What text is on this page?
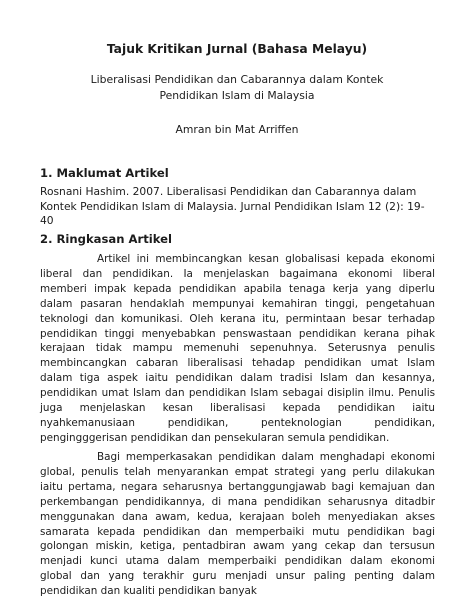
Tajuk Kritikan Jurnal (Bahasa Melayu)
Liberalisasi Pendidikan dan Cabarannya dalam Kontek Pendidikan Islam di Malaysia
Amran bin Mat Arriffen
1. Maklumat Artikel
Rosnani Hashim. 2007. Liberalisasi Pendidikan dan Cabarannya dalam Kontek Pendidikan Islam di Malaysia. Jurnal Pendidikan Islam 12 (2): 19-40
2. Ringkasan Artikel

Artikel ini membincangkan kesan globalisasi kepada ekonomi liberal dan pendidikan. Ia menjelaskan bagaimana ekonomi liberal memberi impak kepada pendidikan apabila tenaga kerja yang diperlu dalam pasaran hendaklah mempunyai kemahiran tinggi, pengetahuan teknologi dan komunikasi. Oleh kerana itu, permintaan besar terhadap pendidikan tinggi menyebabkan penswastaan pendidikan kerana pihak kerajaan tidak mampu memenuhi sepenuhnya. Seterusnya penulis membincangkan cabaran liberalisasi tehadap pendidikan umat Islam dalam tiga aspek iaitu pendidikan dalam tradisi Islam dan kesannya, pendidikan umat Islam dan pendidikan Islam sebagai disiplin ilmu. Penulis juga menjelaskan kesan liberalisasi kepada pendidikan iaitu nyahkemanusiaan pendidikan, penteknologian pendidikan, pengingggerisan pendidikan dan pensekularan semula pendidikan.

Bagi memperkasakan pendidikan dalam menghadapi ekonomi global, penulis telah menyarankan empat strategi yang perlu dilakukan iaitu pertama, negara seharusnya bertanggungjawab bagi kemajuan dan perkembangan pendidikannya, di mana pendidikan seharusnya ditadbir menggunakan dana awam, kedua, kerajaan boleh menyediakan akses samarata kepada pendidikan dan memperbaiki mutu pendidikan bagi golongan miskin, ketiga, pentadbiran awam yang cekap dan tersusun menjadi kunci utama dalam memperbaiki pendidikan dalam ekonomi global dan yang terakhir guru menjadi unsur paling penting dalam pendidikan dan kualiti pendidikan banyak
